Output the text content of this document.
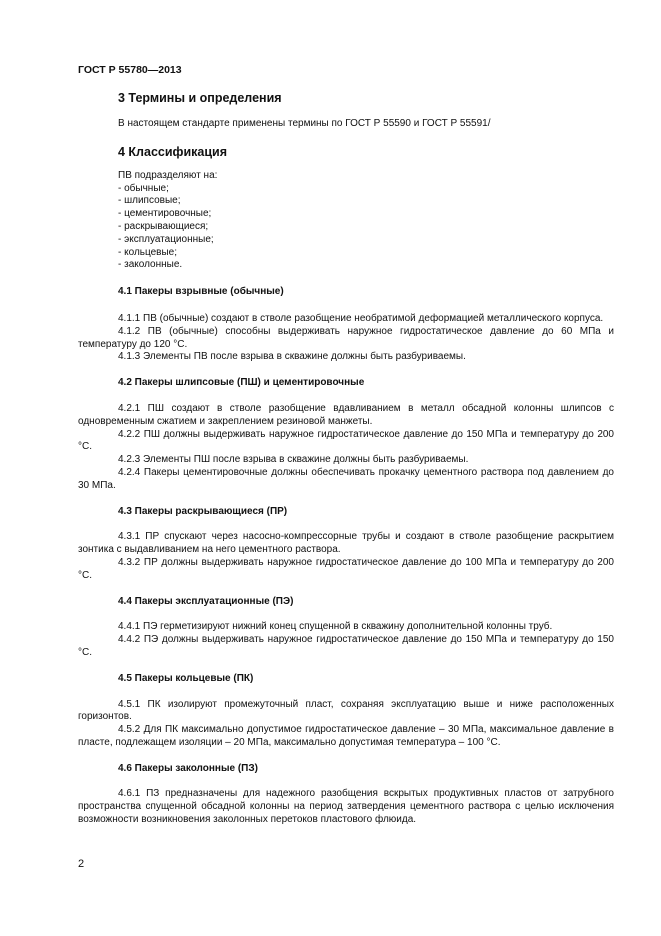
ГОСТ Р 55780—2013
3 Термины и определения

В настоящем стандарте применены термины по ГОСТ Р 55590 и ГОСТ Р 55591/

4 Классификация

ПВ подразделяют на:

- обычные;
- шлипсовые;
- цементировочные;
- раскрывающиеся;
- эксплуатационные;
- кольцевые;
- заколонные.
4.1 Пакеры взрывные (обычные)

4.1.1 ПВ (обычные) создают в стволе разобщение необратимой деформацией металлического корпуса.

4.1.2 ПВ (обычные) способны выдерживать наружное гидростатическое давление до 60 МПа и температуру до 120 °С.

4.1.3 Элементы ПВ после взрыва в скважине должны быть разбуриваемы.

4.2 Пакеры шлипсовые (ПШ) и цементировочные

4.2.1 ПШ создают в стволе разобщение вдавливанием в металл обсадной колонны шлипсов с одновременным сжатием и закреплением резиновой манжеты.

4.2.2 ПШ должны выдерживать наружное гидростатическое давление до 150 МПа и температуру до 200 °С.

4.2.3 Элементы ПШ после взрыва в скважине должны быть разбуриваемы.

4.2.4 Пакеры цементировочные должны обеспечивать прокачку цементного раствора под давлением до 30 МПа.

4.3 Пакеры раскрывающиеся (ПР)

4.3.1 ПР спускают через насосно-компрессорные трубы и создают в стволе разобщение раскрытием зонтика с выдавливанием на него цементного раствора.

4.3.2 ПР должны выдерживать наружное гидростатическое давление до 100 МПа и температуру до 200 °С.

4.4 Пакеры эксплуатационные (ПЭ)

4.4.1 ПЭ герметизируют нижний конец спущенной в скважину дополнительной колонны труб.

4.4.2 ПЭ должны выдерживать наружное гидростатическое давление до 150 МПа и температуру до 150 °С.

4.5 Пакеры кольцевые (ПК)

4.5.1 ПК изолируют промежуточный пласт, сохраняя эксплуатацию выше и ниже расположенных горизонтов.

4.5.2 Для ПК максимально допустимое гидростатическое давление – 30 МПа, максимальное давление в пласте, подлежащем изоляции – 20 МПа, максимально допустимая температура – 100 °С.

4.6 Пакеры заколонные (ПЗ)

4.6.1 ПЗ предназначены для надежного разобщения вскрытых продуктивных пластов от затрубного пространства спущенной обсадной колонны на период затвердения цементного раствора с целью исключения возможности возникновения заколонных перетоков пластового флюида.

2
